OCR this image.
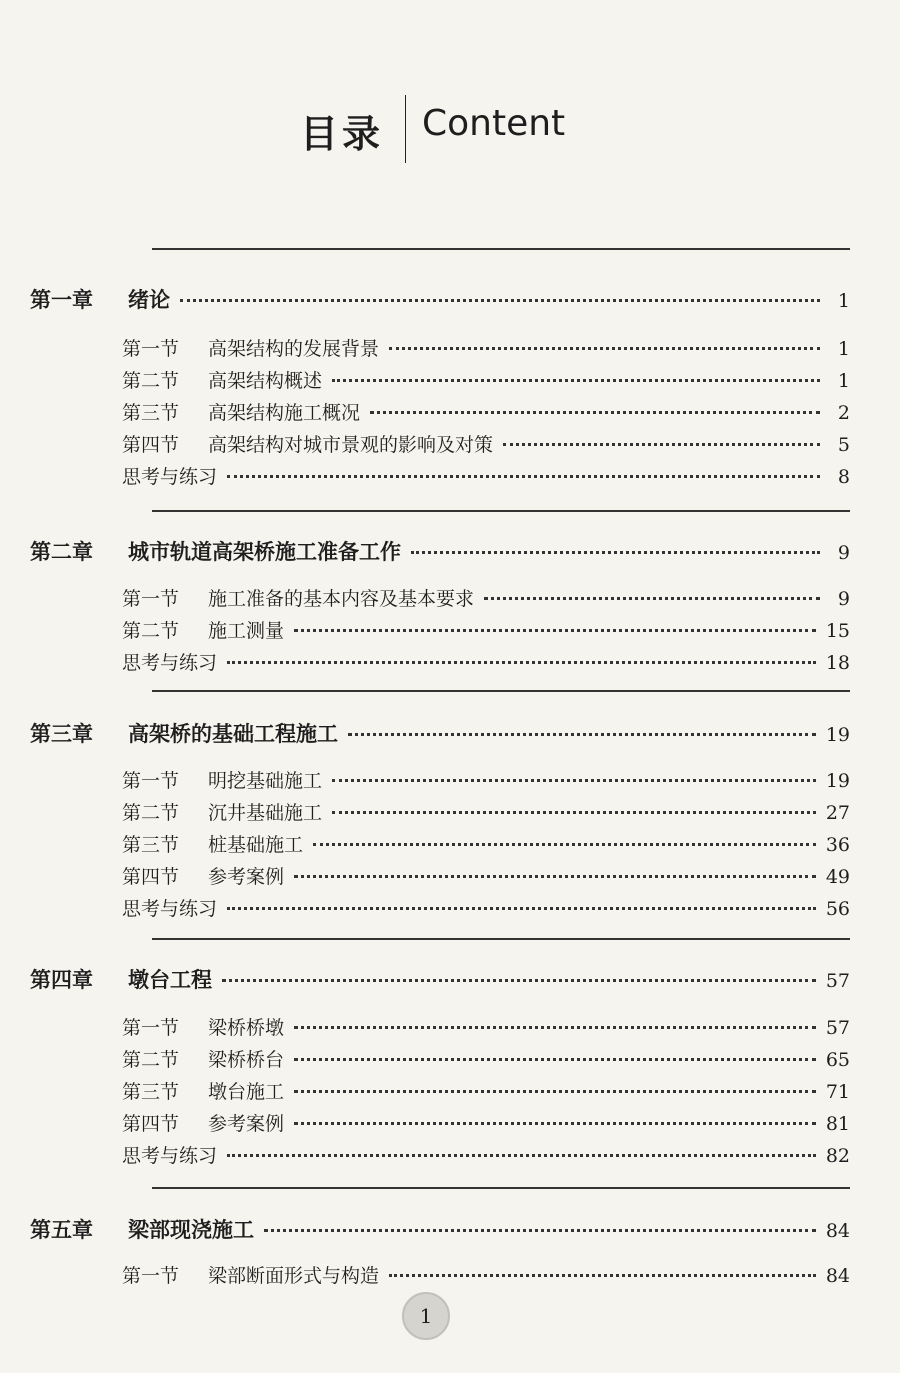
目录 Content
第一章	绪论	1
第一节	高架结构的发展背景	1
第二节	高架结构概述	1
第三节	高架结构施工概况	2
第四节	高架结构对城市景观的影响及对策	5
思考与练习	8
第二章	城市轨道高架桥施工准备工作	9
第一节	施工准备的基本内容及基本要求	9
第二节	施工测量	15
思考与练习	18
第三章	高架桥的基础工程施工	19
第一节	明挖基础施工	19
第二节	沉井基础施工	27
第三节	桩基础施工	36
第四节	参考案例	49
思考与练习	56
第四章	墩台工程	57
第一节	梁桥桥墩	57
第二节	梁桥桥台	65
第三节	墩台施工	71
第四节	参考案例	81
思考与练习	82
第五章	梁部现浇施工	84
第一节	梁部断面形式与构造	84
1
